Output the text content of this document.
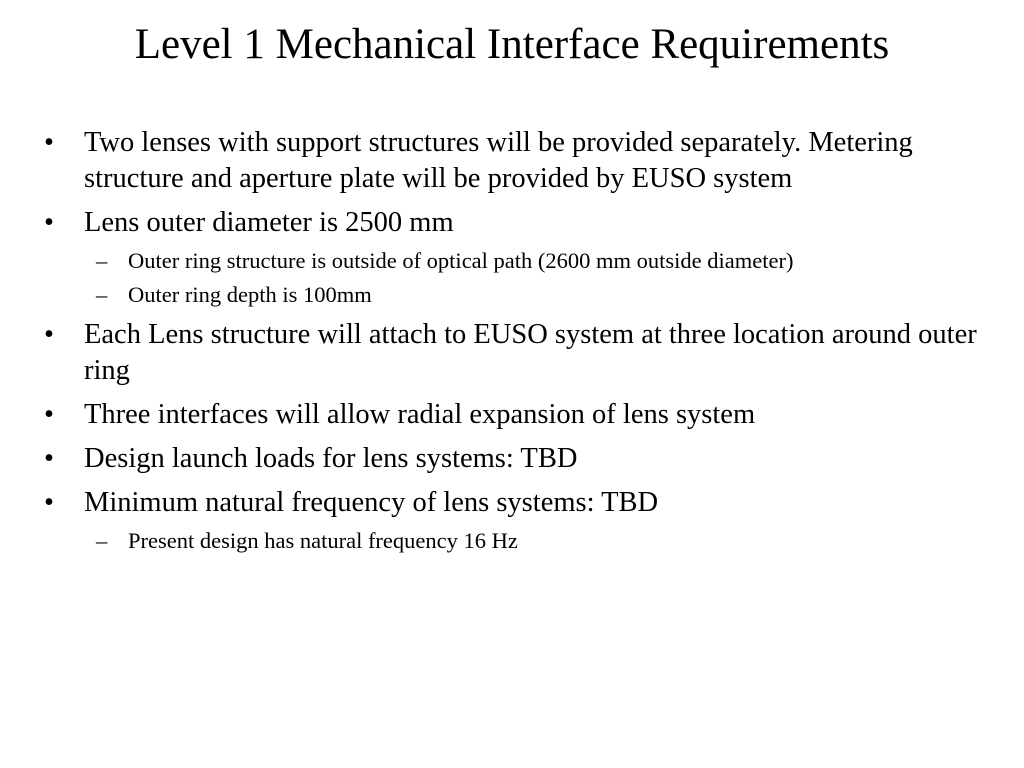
Level 1 Mechanical Interface Requirements
• Two lenses with support structures will be provided separately. Metering structure and aperture plate will be provided by EUSO system
• Lens outer diameter is 2500 mm
– Outer ring structure is outside of optical path (2600 mm outside diameter)
– Outer ring depth is 100mm
• Each Lens structure will attach to EUSO system at three location around outer ring
• Three interfaces will allow radial expansion of lens system
• Design launch loads for lens systems: TBD
• Minimum natural frequency of lens systems: TBD
– Present design has natural frequency 16 Hz
